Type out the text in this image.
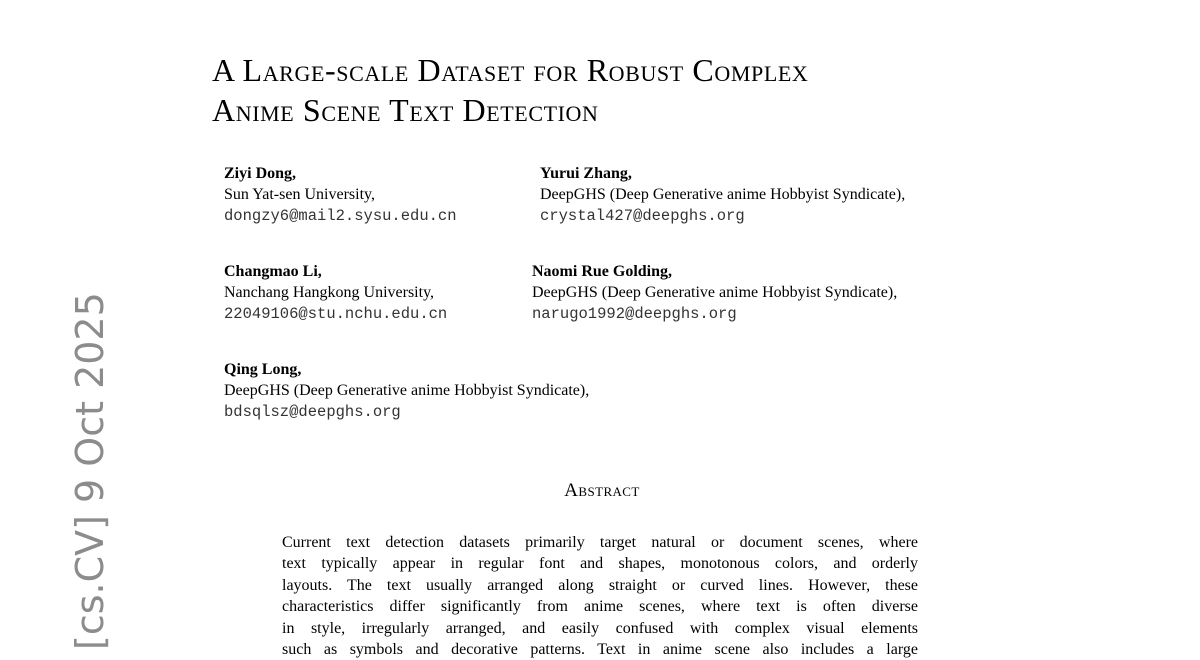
[cs.CV] 9 Oct 2025
A Large-scale Dataset for Robust Complex
Anime Scene Text Detection
Ziyi Dong,
Sun Yat-sen University,
dongzy6@mail2.sysu.edu.cn
Yurui Zhang,
DeepGHS (Deep Generative anime Hobbyist Syndicate),
crystal427@deepghs.org
Changmao Li,
Nanchang Hangkong University,
22049106@stu.nchu.edu.cn
Naomi Rue Golding,
DeepGHS (Deep Generative anime Hobbyist Syndicate),
narugo1992@deepghs.org
Qing Long,
DeepGHS (Deep Generative anime Hobbyist Syndicate),
bdsqlsz@deepghs.org
Abstract
Current text detection datasets primarily target natural or document scenes, where
text typically appear in regular font and shapes, monotonous colors, and orderly
layouts. The text usually arranged along straight or curved lines. However, these
characteristics differ significantly from anime scenes, where text is often diverse
in style, irregularly arranged, and easily confused with complex visual elements
such as symbols and decorative patterns. Text in anime scene also includes a large
